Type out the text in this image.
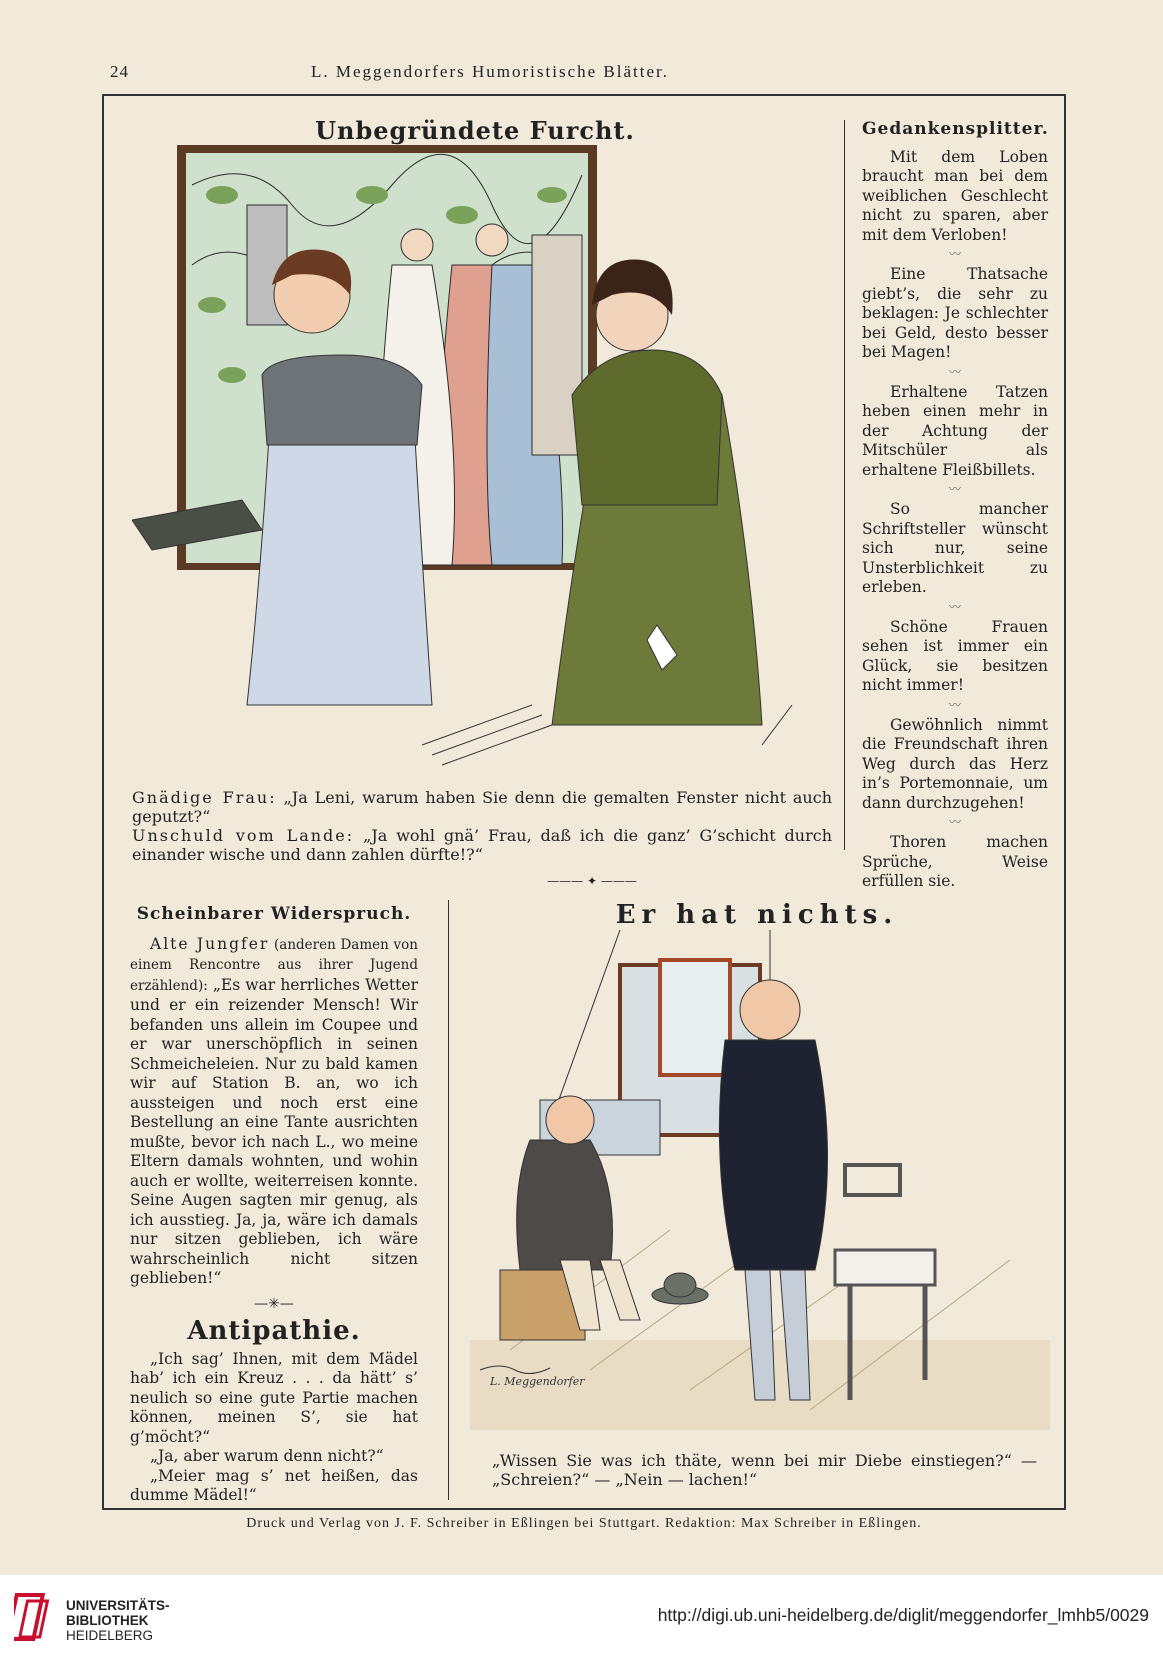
24	L. Meggendorfers Humoristische Blätter.
Unbegründete Furcht.
Gnädige Frau: „Ja Leni, warum haben Sie denn die gemalten Fenster nicht auch geputzt?“
Unschuld vom Lande: „Ja wohl gnä’ Frau, daß ich die ganz’ G’schicht durch einander wische und dann zahlen dürfte!?“
Gedankensplitter.

Mit dem Loben braucht man bei dem weiblichen Geschlecht nicht zu sparen, aber mit dem Verloben!

〰

Eine Thatsache giebt’s, die sehr zu beklagen: Je schlechter bei Geld, desto besser bei Magen!

〰

Erhaltene Tatzen heben einen mehr in der Achtung der Mitschüler als erhaltene Fleißbillets.

〰

So mancher Schriftsteller wünscht sich nur, seine Unsterblichkeit zu erleben.

〰

Schöne Frauen sehen ist immer ein Glück, sie besitzen nicht immer!

〰

Gewöhnlich nimmt die Freundschaft ihren Weg durch das Herz in’s Portemonnaie, um dann durchzugehen!

〰

Thoren machen Sprüche, Weise erfüllen sie.

——— ✦ ———
Scheinbarer Widerspruch.

Alte Jungfer (anderen Damen von einem Rencontre aus ihrer Jugend erzählend): „Es war herrliches Wetter und er ein reizender Mensch! Wir befanden uns allein im Coupee und er war unerschöpflich in seinen Schmeicheleien. Nur zu bald kamen wir auf Station B. an, wo ich aussteigen und noch erst eine Bestellung an eine Tante ausrichten mußte, bevor ich nach L., wo meine Eltern damals wohnten, und wohin auch er wollte, weiterreisen konnte. Seine Augen sagten mir genug, als ich ausstieg. Ja, ja, wäre ich damals nur sitzen geblieben, ich wäre wahrscheinlich nicht sitzen geblieben!“

—✳—
Antipathie.

„Ich sag’ Ihnen, mit dem Mädel hab’ ich ein Kreuz . . . da hätt’ s’ neulich so eine gute Partie machen können, meinen S’, sie hat g’möcht?“

„Ja, aber warum denn nicht?“

„Meier mag s’ net heißen, das dumme Mädel!“

Er hat nichts.
L. Meggendorfer
„Wissen Sie was ich thäte, wenn bei mir Diebe einstiegen?“ — „Schreien?“ — „Nein — lachen!“
Druck und Verlag von J. F. Schreiber in Eßlingen bei Stuttgart. Redaktion: Max Schreiber in Eßlingen.
UNIVERSITÄTS-
BIBLIOTHEK
HEIDELBERG
http://digi.ub.uni-heidelberg.de/diglit/meggendorfer_lmhb5/0029
